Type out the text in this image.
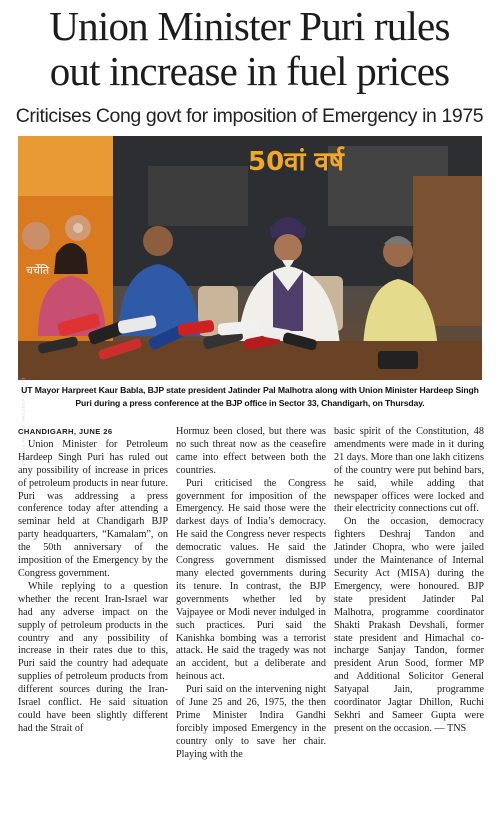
Union Minister Puri rules
out increase in fuel prices
Criticises Cong govt for imposition of Emergency in 1975
चर्चेति
50वां वर्ष
TRIBUNE PHOTO: PRADEEP TEWARI
UT Mayor Harpreet Kaur Babla, BJP state president Jatinder Pal Malhotra along with Union Minister Hardeep Singh Puri during a press conference at the BJP office in Sector 33, Chandigarh, on Thursday.
CHANDIGARH, JUNE 26

Union Minister for Petroleum Hardeep Singh Puri has ruled out any possibility of increase in prices of petroleum products in near future. Puri was addressing a press conference today after attending a seminar held at Chandigarh BJP party headquarters, “Kamalam”, on the 50th anniversary of the imposition of the Emergency by the Congress government.

While replying to a question whether the recent Iran-Israel war had any adverse impact on the supply of petroleum products in the country and any possibility of increase in their rates due to this, Puri said the country had adequate supplies of petroleum products from different sources during the Iran-Israel conflict. He said situation could have been slightly different had the Strait of

Hormuz been closed, but there was no such threat now as the ceasefire came into effect between both the countries.

Puri criticised the Congress government for imposition of the Emergency. He said those were the darkest days of India’s democracy. He said the Congress never respects democratic values. He said the Congress government dismissed many elected governments during its tenure. In contrast, the BJP governments whether led by Vajpayee or Modi never indulged in such practices. Puri said the Kanishka bombing was a terrorist attack. He said the tragedy was not an accident, but a deliberate and heinous act.

Puri said on the intervening night of June 25 and 26, 1975, the then Prime Minister Indira Gandhi forcibly imposed Emergency in the country only to save her chair. Playing with the

basic spirit of the Constitution, 48 amendments were made in it during 21 days. More than one lakh citizens of the country were put behind bars, he said, while adding that newspaper offices were locked and their electricity connections cut off.

On the occasion, democracy fighters Deshraj Tandon and Jatinder Chopra, who were jailed under the Maintenance of Internal Security Act (MISA) during the Emergency, were honoured. BJP state president Jatinder Pal Malhotra, programme coordinator Shakti Prakash Devshali, former state president and Himachal co-incharge Sanjay Tandon, former president Arun Sood, former MP and Additional Solicitor General Satyapal Jain, programme coordinator Jagtar Dhillon, Ruchi Sekhri and Sameer Gupta were present on the occasion. — TNS
